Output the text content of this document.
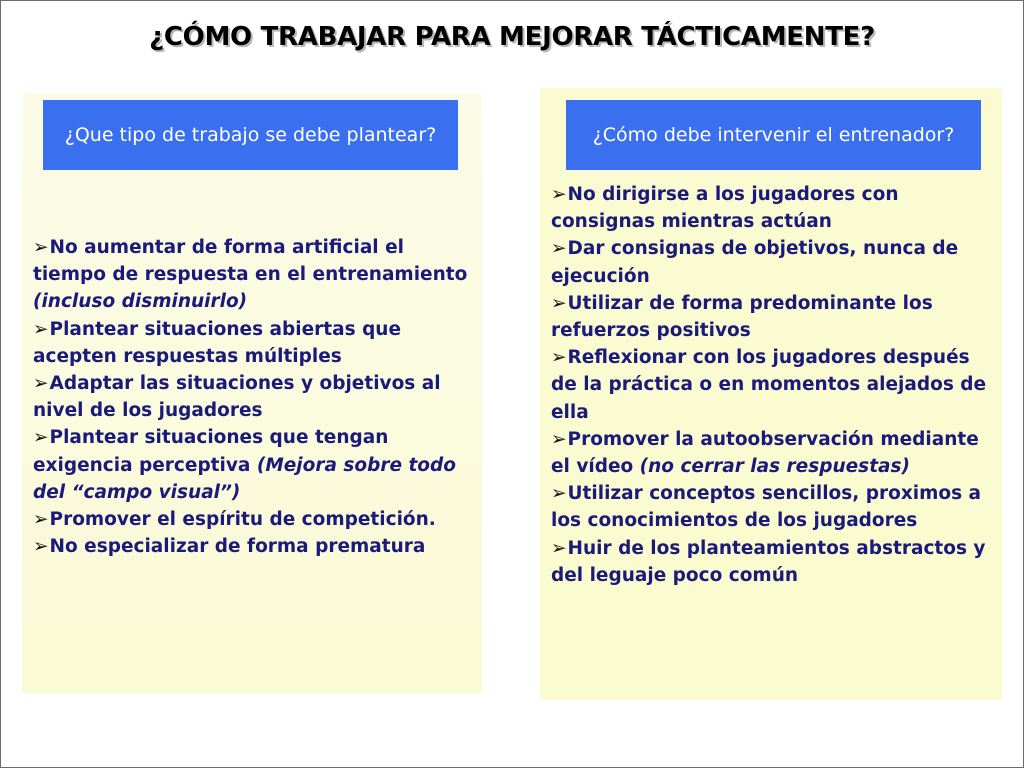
¿CÓMO TRABAJAR PARA MEJORAR TÁCTICAMENTE?
¿Que tipo de trabajo se debe plantear?	¿Cómo debe intervenir el entrenador?
➢No aumentar de forma artificial el tiempo de respuesta en el entrenamiento (incluso disminuirlo)
➢Plantear situaciones abiertas que acepten respuestas múltiples
➢Adaptar las situaciones y objetivos al nivel de los jugadores
➢Plantear situaciones que tengan exigencia perceptiva (Mejora sobre todo del “campo visual”)
➢Promover el espíritu de competición.
➢No especializar de forma prematura
➢No dirigirse a los jugadores con consignas mientras actúan
➢Dar consignas de objetivos, nunca de ejecución
➢Utilizar de forma predominante los refuerzos positivos
➢Reflexionar con los jugadores después de la práctica o en momentos alejados de ella
➢Promover la autoobservación mediante el vídeo (no cerrar las respuestas)
➢Utilizar conceptos sencillos, proximos a los conocimientos de los jugadores
➢Huir de los planteamientos abstractos y del leguaje poco común
